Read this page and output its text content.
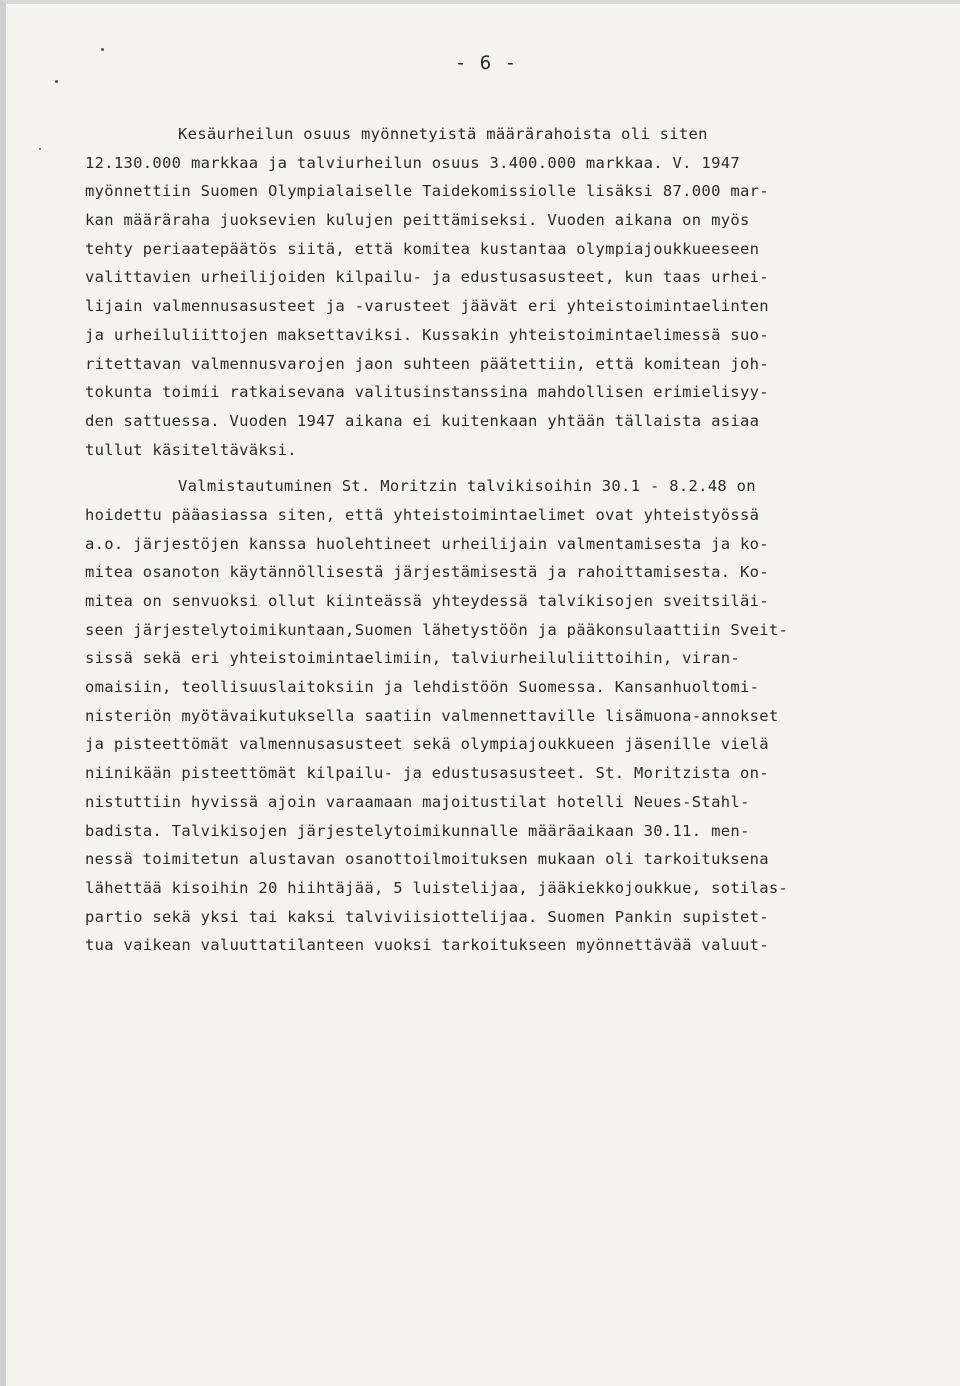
- 6 -
Kesäurheilun osuus myönnetyistä määrärahoista oli siten
12.130.000 markkaa ja talviurheilun osuus 3.400.000 markkaa. V. 1947
myönnettiin Suomen Olympialaiselle Taidekomissiolle lisäksi 87.000 mar-
kan määräraha juoksevien kulujen peittämiseksi. Vuoden aikana on myös
tehty periaatepäätös siitä, että komitea kustantaa olympiajoukkueeseen
valittavien urheilijoiden kilpailu- ja edustusasusteet, kun taas urhei-
lijain valmennusasusteet ja -varusteet jäävät eri yhteistoimintaelinten
ja urheiluliittojen maksettaviksi. Kussakin yhteistoimintaelimessä suo-
ritettavan valmennusvarojen jaon suhteen päätettiin, että komitean joh-
tokunta toimii ratkaisevana valitusinstanssina mahdollisen erimielisyy-
den sattuessa. Vuoden 1947 aikana ei kuitenkaan yhtään tällaista asiaa
tullut käsiteltäväksi.
Valmistautuminen St. Moritzin talvikisoihin 30.1 - 8.2.48 on
hoidettu pääasiassa siten, että yhteistoimintaelimet ovat yhteistyössä
a.o. järjestöjen kanssa huolehtineet urheilijain valmentamisesta ja ko-
mitea osanoton käytännöllisestä järjestämisestä ja rahoittamisesta. Ko-
mitea on senvuoksi ollut kiinteässä yhteydessä talvikisojen sveitsiläi-
seen järjestelytoimikuntaan,Suomen lähetystöön ja pääkonsulaattiin Sveit-
sissä sekä eri yhteistoimintaelimiin, talviurheiluliittoihin, viran-
omaisiin, teollisuuslaitoksiin ja lehdistöön Suomessa. Kansanhuoltomi-
nisteriön myötävaikutuksella saatiin valmennettaville lisämuona-annokset
ja pisteettömät valmennusasusteet sekä olympiajoukkueen jäsenille vielä
niinikään pisteettömät kilpailu- ja edustusasusteet. St. Moritzista on-
nistuttiin hyvissä ajoin varaamaan majoitustilat hotelli Neues-Stahl-
badista. Talvikisojen järjestelytoimikunnalle määräaikaan 30.11. men-
nessä toimitetun alustavan osanottoilmoituksen mukaan oli tarkoituksena
lähettää kisoihin 20 hiihtäjää, 5 luistelijaa, jääkiekkojoukkue, sotilas-
partio sekä yksi tai kaksi talviviisiottelijaa. Suomen Pankin supistet-
tua vaikean valuuttatilanteen vuoksi tarkoitukseen myönnettävää valuut-
